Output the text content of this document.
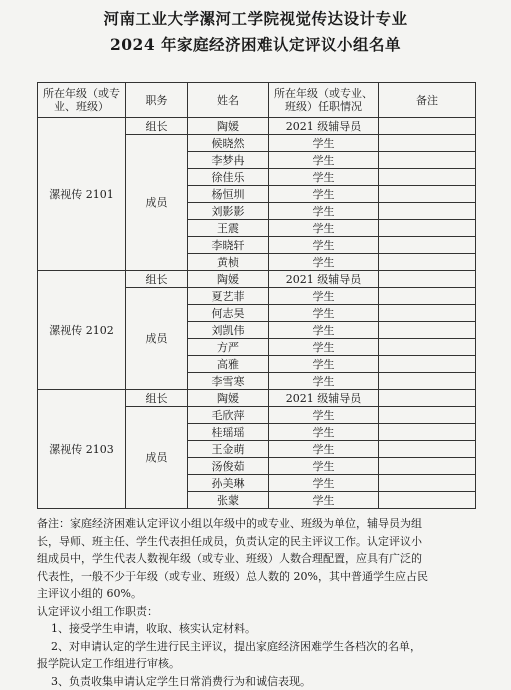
河南工业大学漯河工学院视觉传达设计专业
2024 年家庭经济困难认定评议小组名单
所在年级（或专业、班级）	职务	姓名	所在年级（或专业、班级）任职情况	备注
漯视传 2101	组长	陶媛	2021 级辅导员	
	成员	候晓然	学生	
		李梦冉	学生	
		徐佳乐	学生	
		杨恒圳	学生	
		刘影影	学生	
		王震	学生	
		李晓轩	学生	
		黄桢	学生	
漯视传 2102	组长	陶媛	2021 级辅导员	
	成员	夏艺菲	学生	
		何志昊	学生	
		刘凯伟	学生	
		方严	学生	
		高雅	学生	
		李雪寒	学生	
漯视传 2103	组长	陶媛	2021 级辅导员	
	成员	毛欣萍	学生	
		桂瑶瑶	学生	
		王金萌	学生	
		汤俊茹	学生	
		孙美琳	学生	
		张蒙	学生	

备注：家庭经济困难认定评议小组以年级中的或专业、班级为单位，辅导员为组

长，导师、班主任、学生代表担任成员，负责认定的民主评议工作。认定评议小

组成员中，学生代表人数视年级（或专业、班级）人数合理配置，应具有广泛的

代表性，一般不少于年级（或专业、班级）总人数的 20%，其中普通学生应占民

主评议小组的 60%。

认定评议小组工作职责：

1、接受学生申请，收取、核实认定材料。

2、对申请认定的学生进行民主评议，提出家庭经济困难学生各档次的名单，

报学院认定工作组进行审核。

3、负责收集申请认定学生日常消费行为和诚信表现。
